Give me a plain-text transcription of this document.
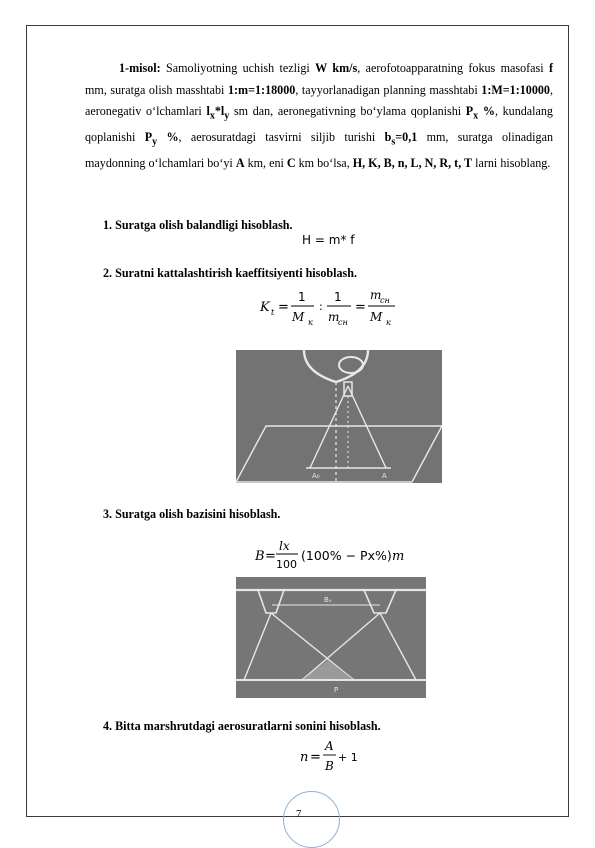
1-misol: Samoliyotning uchish tezligi W km/s, aerofotoapparatning fokus masofasi f mm, suratga olish masshtabi 1:m=1:18000, tayyorlanadigan planning masshtabi 1:M=1:10000, aeronegativ o‘lchamlari $l_x*l_y$ sm dan, aeronegativning bo‘ylama qoplanishi $P_x$ %, kundalang qoplanishi $P_y$ %, aerosuratdagi tasvirni siljib turishi $b_s=0,1$ mm, suratga olinadigan maydonning o‘lchamlari bo‘yi A km, eni C km bo‘lsa, H, K, B, n, L, N, R, t, T larni hisoblang.
1. Suratga olish balandligi hisoblash.
H = m* f
2. Suratni kattalashtirish kaeffitsiyenti hisoblash.
K t =
1
M к
:
1
m
сн
=
m
сн
M к
A₀	A
3. Suratga olish bazisini hisoblash.
B =
lx
100
(100% − Px%) m
Bₓ
P
4. Bitta marshrutdagi aerosuratlarni sonini hisoblash.
n =
A
B
+ 1
7
